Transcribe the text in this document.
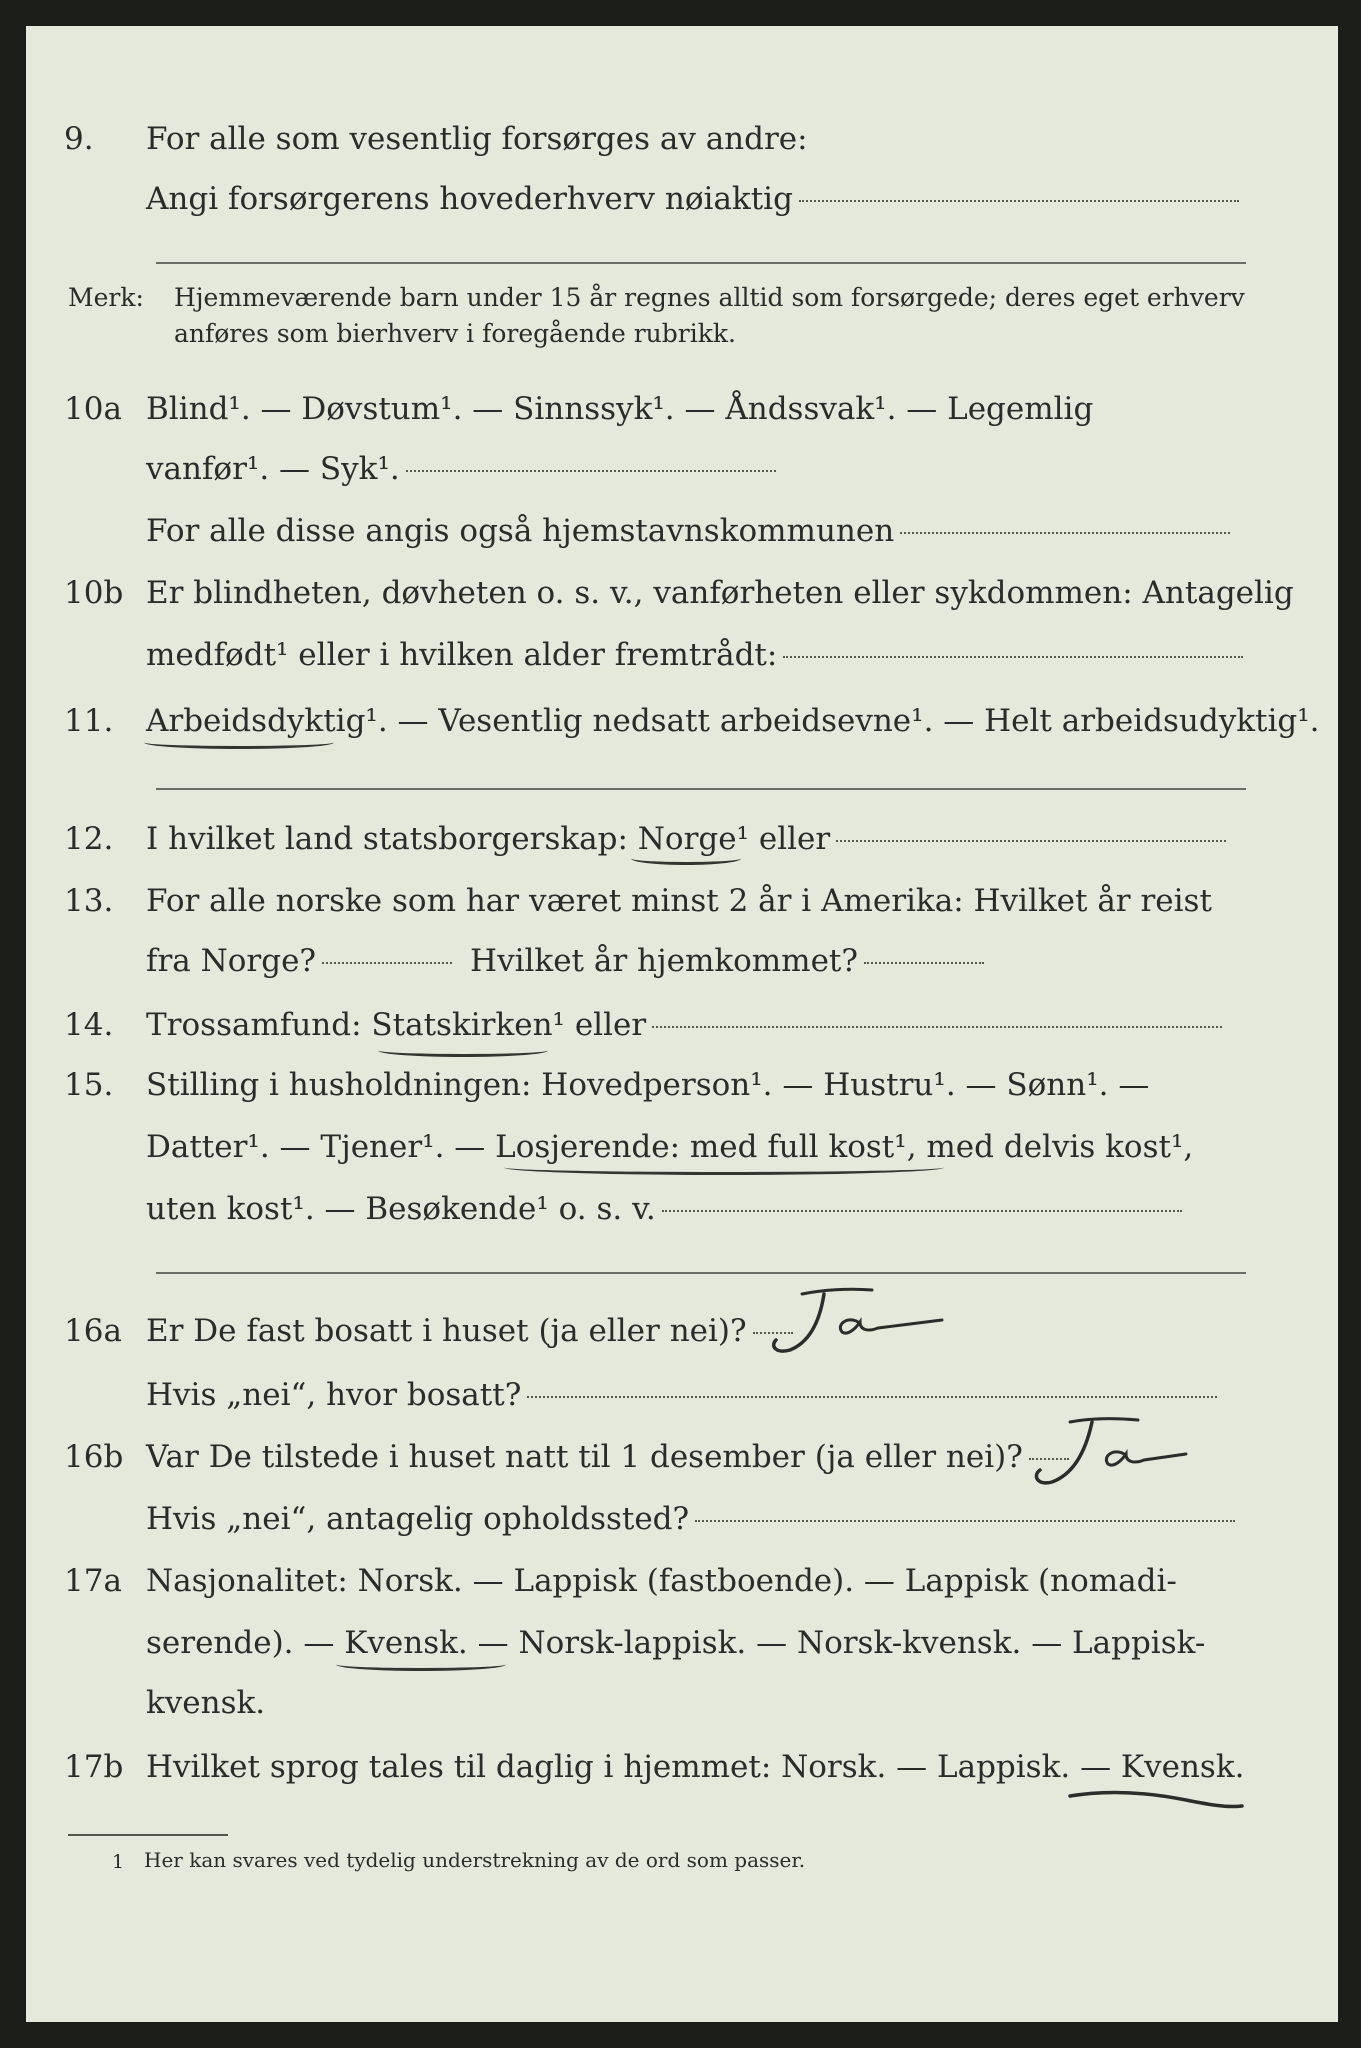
9. For alle som vesentlig forsørges av andre:
Angi forsørgerens hovederhverv nøiaktig
Merk: Hjemmeværende barn under 15 år regnes alltid som forsørgede; deres eget erhverv
anføres som bierhverv i foregående rubrikk.
10a Blind¹. — Døvstum¹. — Sinnssyk¹. — Åndssvak¹. — Legemlig
vanfør¹. — Syk¹.
For alle disse angis også hjemstavnskommunen
10b Er blindheten, døvheten o. s. v., vanførheten eller sykdommen: Antagelig
medfødt¹ eller i hvilken alder fremtrådt:
11. Arbeidsdyktig¹. — Vesentlig nedsatt arbeidsevne¹. — Helt arbeidsudyktig¹.
12. I hvilket land statsborgerskap: Norge¹ eller
13. For alle norske som har været minst 2 år i Amerika: Hvilket år reist
fra Norge?	Hvilket år hjemkommet?
14. Trossamfund: Statskirken¹ eller
15. Stilling i husholdningen: Hovedperson¹. — Hustru¹. — Sønn¹. —
Datter¹. — Tjener¹. — Losjerende: med full kost¹, med delvis kost¹,
uten kost¹. — Besøkende¹ o. s. v.
16a Er De fast bosatt i huset (ja eller nei)?
Hvis „nei“, hvor bosatt?
16b Var De tilstede i huset natt til 1 desember (ja eller nei)?
Hvis „nei“, antagelig opholdssted?
17a Nasjonalitet: Norsk. — Lappisk (fastboende). — Lappisk (nomadi-
serende). — Kvensk. — Norsk-lappisk. — Norsk-kvensk. — Lappisk-
kvensk.
17b Hvilket sprog tales til daglig i hjemmet: Norsk. — Lappisk. — Kvensk.
1 Her kan svares ved tydelig understrekning av de ord som passer.
